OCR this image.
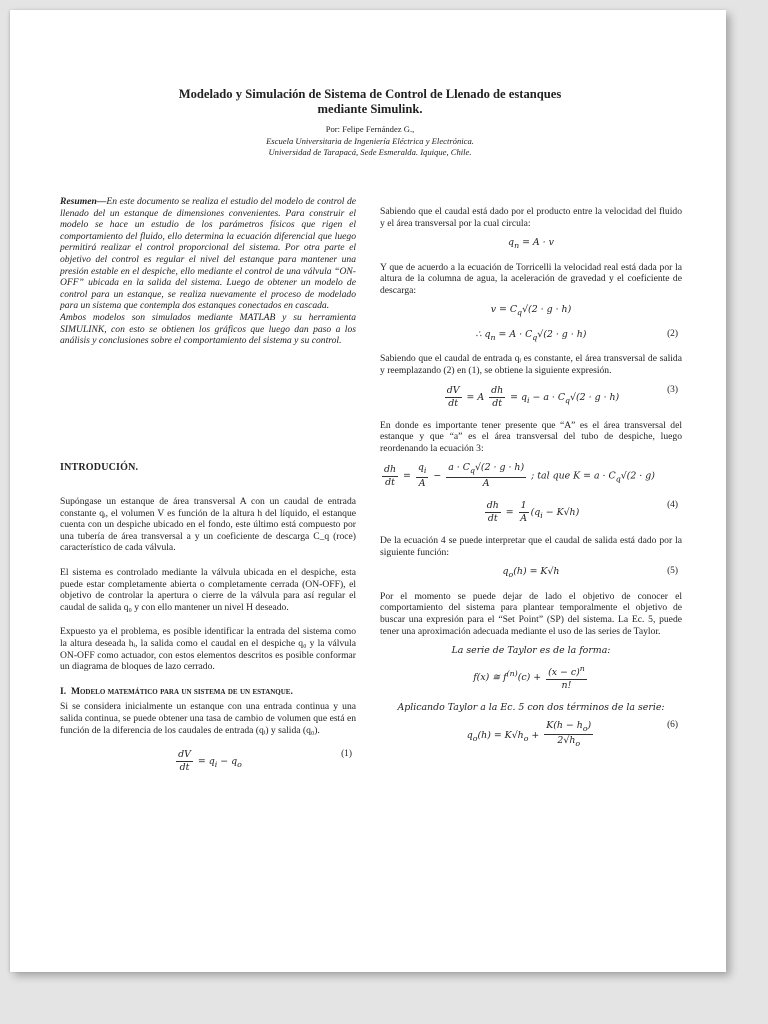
Modelado y Simulación de Sistema de Control de Llenado de estanques
mediante Simulink.
Por: Felipe Fernández G.,
Escuela Universitaria de Ingeniería Eléctrica y Electrónica.
Universidad de Tarapacá, Sede Esmeralda. Iquique, Chile.
Resumen—En este documento se realiza el estudio del modelo de control de llenado del un estanque de dimensiones convenientes. Para construir el modelo se hace un estudio de los parámetros físicos que rigen el comportamiento del fluido, ello determina la ecuación diferencial que luego permitirá realizar el control proporcional del sistema. Por otra parte el objetivo del control es regular el nivel del estanque para mantener una presión estable en el despiche, ello mediante el control de una válvula “ON-OFF” ubicada en la salida del sistema. Luego de obtener un modelo de control para un estanque, se realiza nuevamente el proceso de modelado para un sistema que contempla dos estanques conectados en cascada.
Ambos modelos son simulados mediante MATLAB y su herramienta SIMULINK, con esto se obtienen los gráficos que luego dan paso a los análisis y conclusiones sobre el comportamiento del sistema y su control.
INTRODUCIÓN.

Supóngase un estanque de área transversal A con un caudal de entrada constante qᵢ, el volumen V es función de la altura h del líquido, el estanque cuenta con un despiche ubicado en el fondo, este último está compuesto por una tubería de área transversal a y un coeficiente de descarga C_q (roce) característico de cada válvula.

El sistema es controlado mediante la válvula ubicada en el despiche, esta puede estar completamente abierta o completamente cerrada (ON-OFF), el objetivo de controlar la apertura o cierre de la válvula para así regular el caudal de salida q₀ y con ello mantener un nivel H deseado.

Expuesto ya el problema, es posible identificar la entrada del sistema como la altura deseada hᵢ, la salida como el caudal en el despiche q₀ y la válvula ON-OFF como actuador, con estos elementos descritos es posible conformar un diagrama de bloques de lazo cerrado.

I. Modelo matemático para un sistema de un estanque.

Si se considera inicialmente un estanque con una entrada continua y una salida continua, se puede obtener una tasa de cambio de volumen que está en función de la diferencia de los caudales de entrada (qᵢ) y salida (q₀).

$\frac{dV}{dt} = q_i - q_o$
(1)

Sabiendo que el caudal está dado por el producto entre la velocidad del fluido y el área transversal por la cual circula:

$q_n = A \cdot v$

Y que de acuerdo a la ecuación de Torricelli la velocidad real está dada por la altura de la columna de agua, la aceleración de gravedad y el coeficiente de descarga:

$v = C_q√(2 \cdot g \cdot h)$
∴ $q_n = A \cdot C_q√(2 \cdot g \cdot h)$	(2)

Sabiendo que el caudal de entrada qᵢ es constante, el área transversal de salida y reemplazando (2) en (1), se obtiene la siguiente expresión.

$\frac{dV}{dt} = A \frac{dh}{dt} = q_i - a \cdot C_q√(2 \cdot g \cdot h)$
(3)

En donde es importante tener presente que “A” es el área transversal del estanque y que “a” es el área transversal del tubo de despiche, luego reordenando la ecuación 3:

$\frac{dh}{dt} = \frac{q_i}{A} - \frac{a \cdot C_q√(2 \cdot g \cdot h)}{A}$ ; tal que $K = a \cdot C_q√(2 \cdot g)$
$\frac{dh}{dt} = \frac{1}{A} (q_i - K√h)$
(4)

De la ecuación 4 se puede interpretar que el caudal de salida está dado por la siguiente función:

$q_o(h) = K√h$	(5)

Por el momento se puede dejar de lado el objetivo de conocer el comportamiento del sistema para plantear temporalmente el objetivo de buscar una expresión para el “Set Point” (SP) del sistema. La Ec. 5, puede tener una aproximación adecuada mediante el uso de las series de Taylor.

La serie de Taylor es de la forma:
f(x) ≅ $f^{(n)}(c) + \frac{(x - c)^n}{n!}$
Aplicando Taylor a la Ec. 5 con dos términos de la serie:
$q_o(h) = K√h_o + \frac{K(h - h_o)}{2√h_o}$	(6)
